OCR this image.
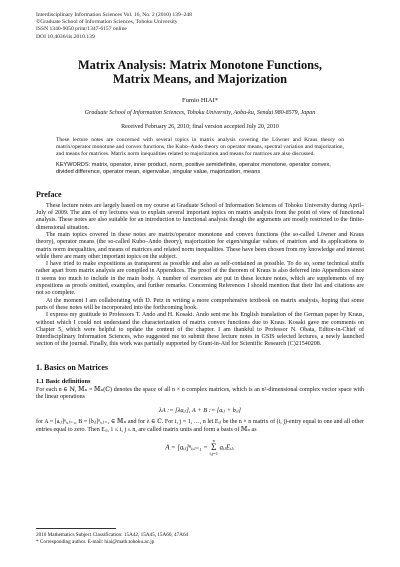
Interdisciplinary Information Sciences Vol. 16, No. 2 (2010) 139–248
©Graduate School of Information Sciences, Tohoku University
ISSN 1340-9050 print/1347-6157 online
DOI 10.4036/iis.2010.139
Matrix Analysis: Matrix Monotone Functions,
Matrix Means, and Majorization
Fumio HIAI*
Graduate School of Information Sciences, Tohoku University, Aoba-ku, Sendai 980-8579, Japan
Received February 26, 2010; final version accepted July 20, 2010
These lecture notes are concerned with several topics in matrix analysis covering the Löwner and Kraus theory on matrix/operator monotone and convex functions, the Kubo–Ando theory on operator means, spectral variation and majorization, and means for matrices. Matrix norm inequalities related to majorization and means for matrices are also discussed.
KEYWORDS: matrix, operator, inner product, norm, positive semidefinite, operator monotone, operator convex, divided difference, operator mean, eigenvalue, singular value, majorization, means
Preface

These lecture notes are largely based on my course at Graduate School of Information Sciences of Tohoku University during April–July of 2009. The aim of my lectures was to explain several important topics on matrix analysis from the point of view of functional analysis. These notes are also suitable for an introduction to functional analysis though the arguments are mostly restricted to the finite-dimensional situation.

The main topics covered in these notes are matrix/operator monotone and convex functions (the so-called Löwner and Kraus theory), operator means (the so-called Kubo–Ando theory), majorization for eigen/singular values of matrices and its applications to matrix norm inequalities, and means of matrices and related norm inequalities. These have been chosen from my knowledge and interest while there are many other important topics on the subject.

I have tried to make expositions as transparent as possible and also as self-contained as possible. To do so, some technical stuffs rather apart from matrix analysis are compiled in Appendices. The proof of the theorem of Kraus is also deferred into Appendices since it seems too much to include in the main body. A number of exercises are put in these lecture notes, which are supplements of my expositions as proofs omitted, examples, and further remarks. Concerning References I should mention that their list and citations are not so complete.

At the moment I am collaborating with D. Petz in writing a more comprehensive textbook on matrix analysis, hoping that some parts of these notes will be incorporated into the forthcoming book.

I express my gratitude to Professors T. Ando and H. Kosaki. Ando sent me his English translation of the German paper by Kraus, without which I could not understand the characterization of matrix convex functions due to Kraus. Kosaki gave me comments on Chapter 5, which were helpful to update the content of the chapter. I am thankful to Professor N. Obata, Editor-in-Chief of Interdisciplinary Information Sciences, who suggested me to submit these lecture notes in GSIS selected lectures, a newly launched section of the journal. Finally, this work was partially supported by Grant-in-Aid for Scientific Research (C)21540208.

1. Basics on Matrices
1.1 Basic definitions

For each n ∈ ℕ, 𝕄ₙ = 𝕄ₙ(ℂ) denotes the space of all n × n complex matrices, which is an n²-dimensional complex vector space with the linear operations

λA := [λaᵢⱼ], A + B := [aᵢⱼ + bᵢⱼ]

for A = [aᵢⱼ]ⁿᵢ,ⱼ₌₁, B = [bᵢⱼ]ⁿᵢ,ⱼ₌₁ ∈ 𝕄ₙ and for λ ∈ ℂ. For i, j = 1, …, n let Eᵢⱼ be the n × n matrix of (i, j)-entry equal to one and all other entries equal to zero. Then Eᵢⱼ, 1 ≤ i, j ≤ n, are called matrix units and form a basis of 𝕄ₙ as

A = [aᵢⱼ]ⁿᵢ,ⱼ₌₁ = n
Σ
i,j=1 aᵢⱼEᵢⱼ.
2010 Mathematics Subject Classification: 15A42, 15A45, 15A60, 47A64
* Corresponding author. E-mail: hiai@math.tohoku.ac.jp
